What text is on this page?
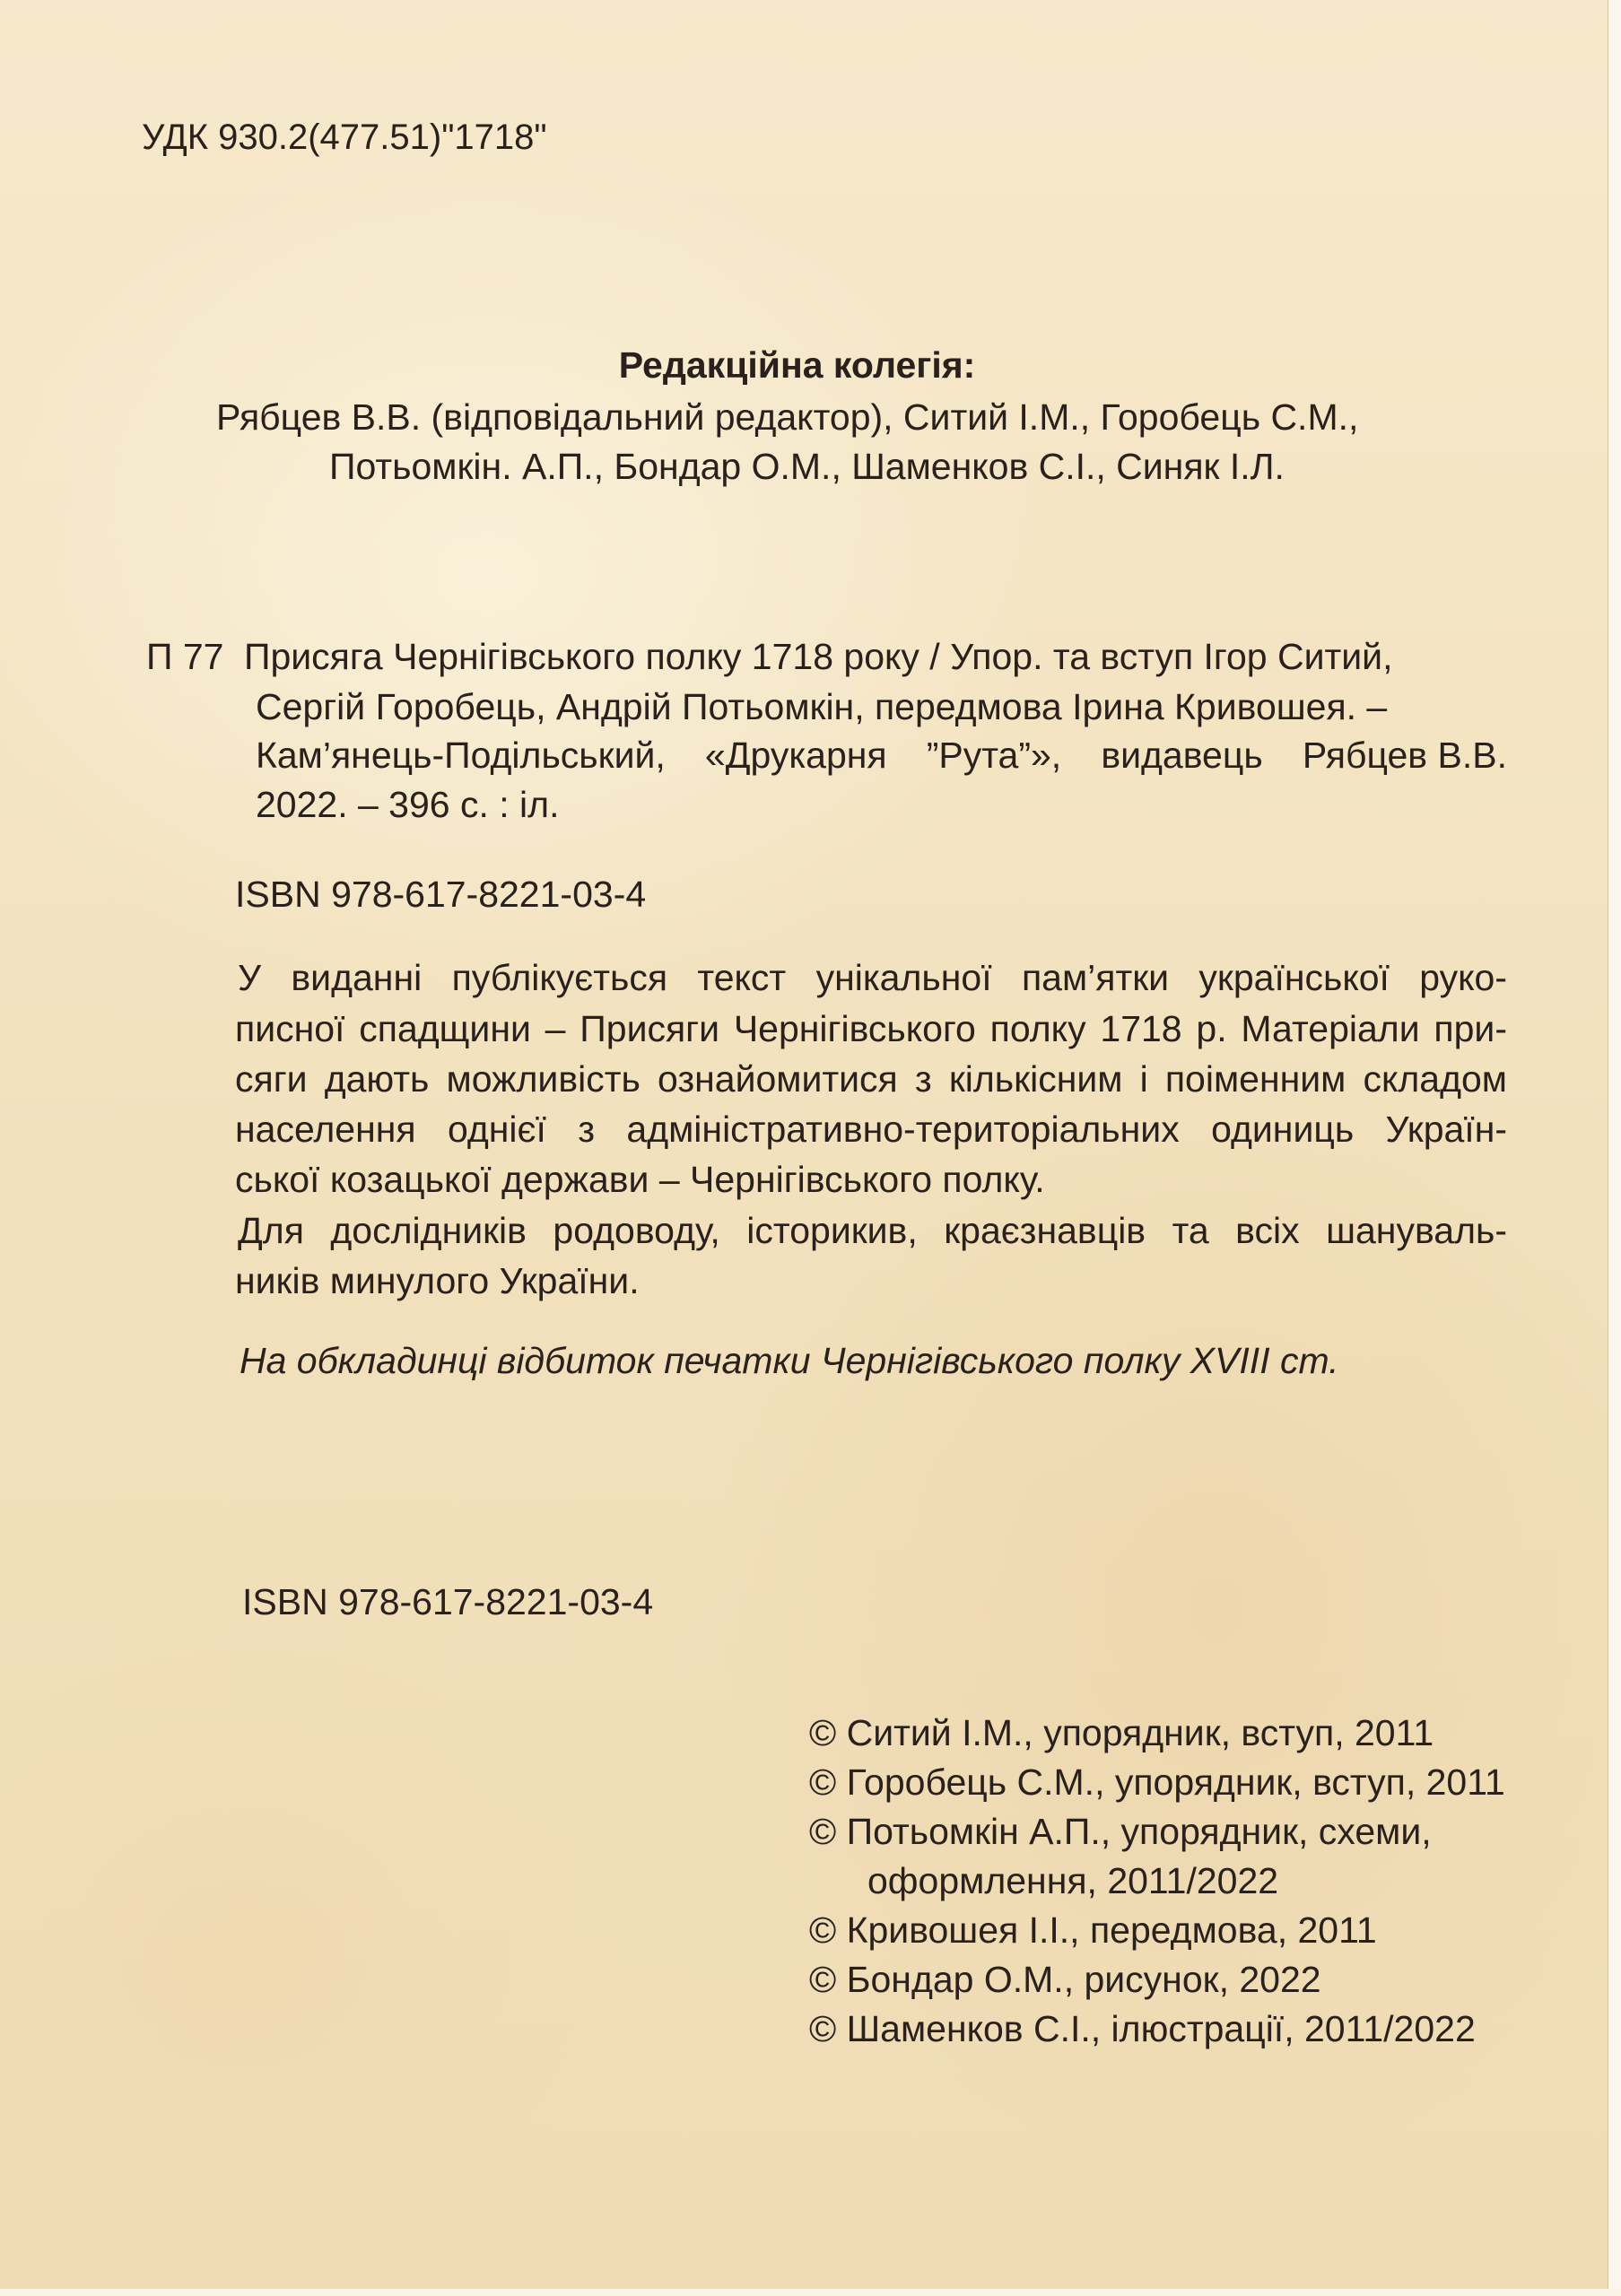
УДК 930.2(477.51)"1718"
Редакційна колегія:
Рябцев В.В. (відповідальний редактор), Ситий І.М., Горобець С.М.,
Потьомкін. А.П., Бондар О.М., Шаменков С.І., Синяк І.Л.
П 77 Присяга Чернігівського полку 1718 року / Упор. та вступ Ігор Ситий,
Сергій Горобець, Андрій Потьомкін, передмова Ірина Кривошея. –
Кам’янець-Подільський, «Друкарня ”Рута”», видавець Рябцев В.В.
2022. – 396 с. : іл.
ISBN 978-617-8221-03-4
У виданні публікується текст унікальної пам’ятки української руко-
писної спадщини – Присяги Чернігівського полку 1718 р. Матеріали при-
сяги дають можливість ознайомитися з кількісним і поіменним складом
населення однієї з адміністративно-територіальних одиниць Україн-
ської козацької держави – Чернігівського полку.
Для дослідників родоводу, історикив, краєзнавців та всіх шануваль-
ників минулого України.
На обкладинці відбиток печатки Чернігівського полку XVIII ст.
ISBN 978-617-8221-03-4
© Ситий І.М., упорядник, вступ, 2011
© Горобець С.М., упорядник, вступ, 2011
© Потьомкін А.П., упорядник, схеми,
оформлення, 2011/2022
© Кривошея І.І., передмова, 2011
© Бондар О.М., рисунок, 2022
© Шаменков С.І., ілюстрації, 2011/2022
